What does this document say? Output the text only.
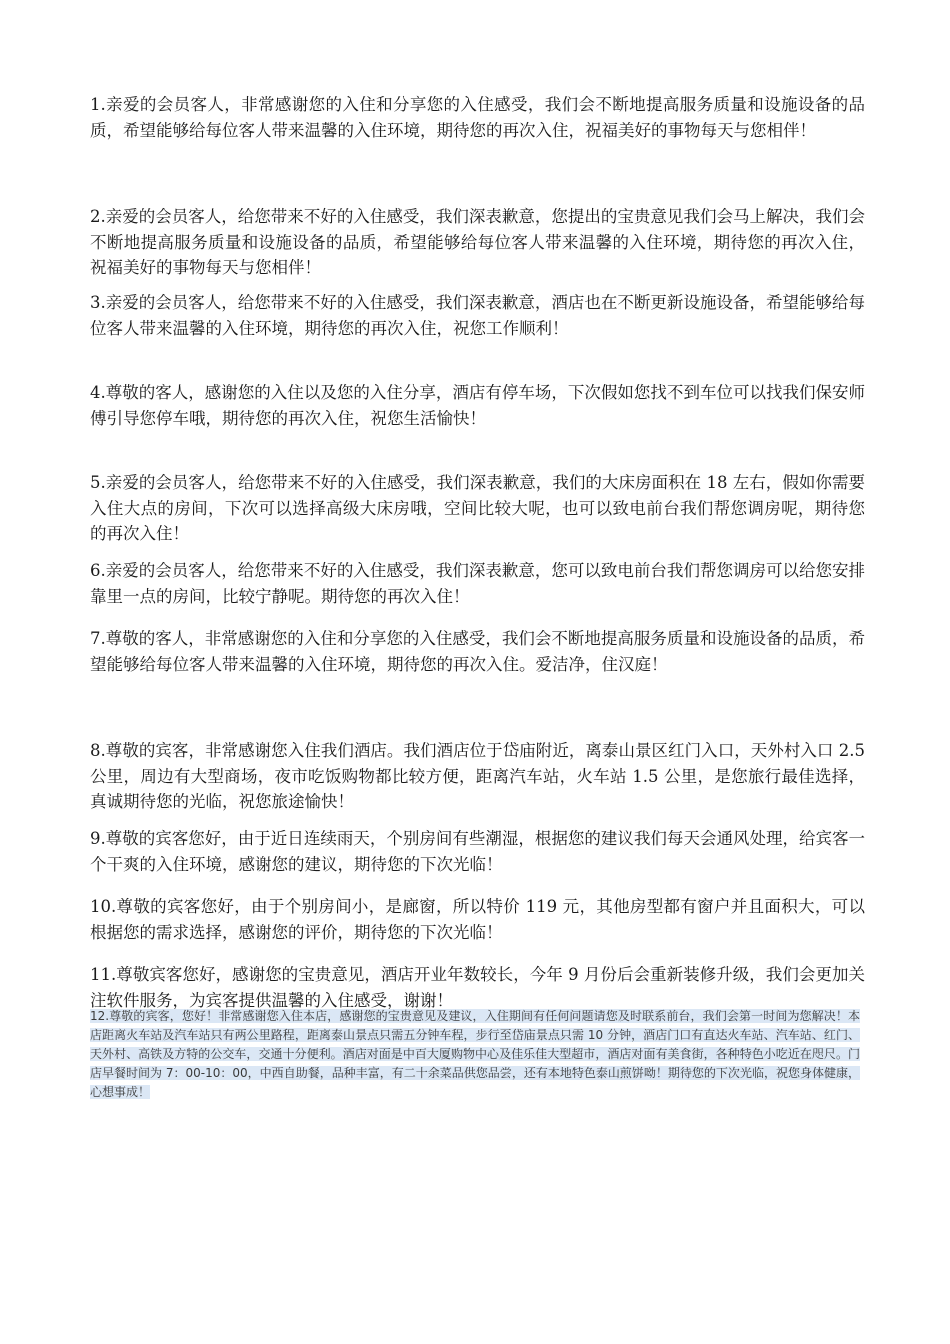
1.亲爱的会员客人，非常感谢您的入住和分享您的入住感受，我们会不断地提高服务质量和设施设备的品质，希望能够给每位客人带来温馨的入住环境，期待您的再次入住，祝福美好的事物每天与您相伴！

2.亲爱的会员客人，给您带来不好的入住感受，我们深表歉意，您提出的宝贵意见我们会马上解决，我们会不断地提高服务质量和设施设备的品质，希望能够给每位客人带来温馨的入住环境，期待您的再次入住，祝福美好的事物每天与您相伴！

3.亲爱的会员客人，给您带来不好的入住感受，我们深表歉意，酒店也在不断更新设施设备，希望能够给每位客人带来温馨的入住环境，期待您的再次入住，祝您工作顺利！

4.尊敬的客人，感谢您的入住以及您的入住分享，酒店有停车场，下次假如您找不到车位可以找我们保安师傅引导您停车哦，期待您的再次入住，祝您生活愉快！

5.亲爱的会员客人，给您带来不好的入住感受，我们深表歉意，我们的大床房面积在 18 左右，假如你需要入住大点的房间，下次可以选择高级大床房哦，空间比较大呢，也可以致电前台我们帮您调房呢，期待您的再次入住！

6.亲爱的会员客人，给您带来不好的入住感受，我们深表歉意，您可以致电前台我们帮您调房可以给您安排靠里一点的房间，比较宁静呢。期待您的再次入住！

7.尊敬的客人，非常感谢您的入住和分享您的入住感受，我们会不断地提高服务质量和设施设备的品质，希望能够给每位客人带来温馨的入住环境，期待您的再次入住。爱洁净，住汉庭！

8.尊敬的宾客，非常感谢您入住我们酒店。我们酒店位于岱庙附近，离泰山景区红门入口，天外村入口 2.5 公里，周边有大型商场，夜市吃饭购物都比较方便，距离汽车站，火车站 1.5 公里，是您旅行最佳选择，真诚期待您的光临，祝您旅途愉快！

9.尊敬的宾客您好，由于近日连续雨天，个别房间有些潮湿，根据您的建议我们每天会通风处理，给宾客一个干爽的入住环境，感谢您的建议，期待您的下次光临！

10.尊敬的宾客您好，由于个别房间小，是廊窗，所以特价 119 元，其他房型都有窗户并且面积大，可以根据您的需求选择，感谢您的评价，期待您的下次光临！

11.尊敬宾客您好，感谢您的宝贵意见，酒店开业年数较长，今年 9 月份后会重新装修升级，我们会更加关注软件服务，为宾客提供温馨的入住感受，谢谢！

12.尊敬的宾客，您好！非常感谢您入住本店，感谢您的宝贵意见及建议，入住期间有任何问题请您及时联系前台，我们会第一时间为您解决！本店距离火车站及汽车站只有两公里路程，距离泰山景点只需五分钟车程，步行至岱庙景点只需 10 分钟，酒店门口有直达火车站、汽车站、红门、天外村、高铁及方特的公交车，交通十分便利。酒店对面是中百大厦购物中心及佳乐佳大型超市，酒店对面有美食街，各种特色小吃近在咫尺。门店早餐时间为 7：00-10：00，中西自助餐，品种丰富，有二十余菜品供您品尝，还有本地特色泰山煎饼呦！期待您的下次光临，祝您身体健康，心想事成！
